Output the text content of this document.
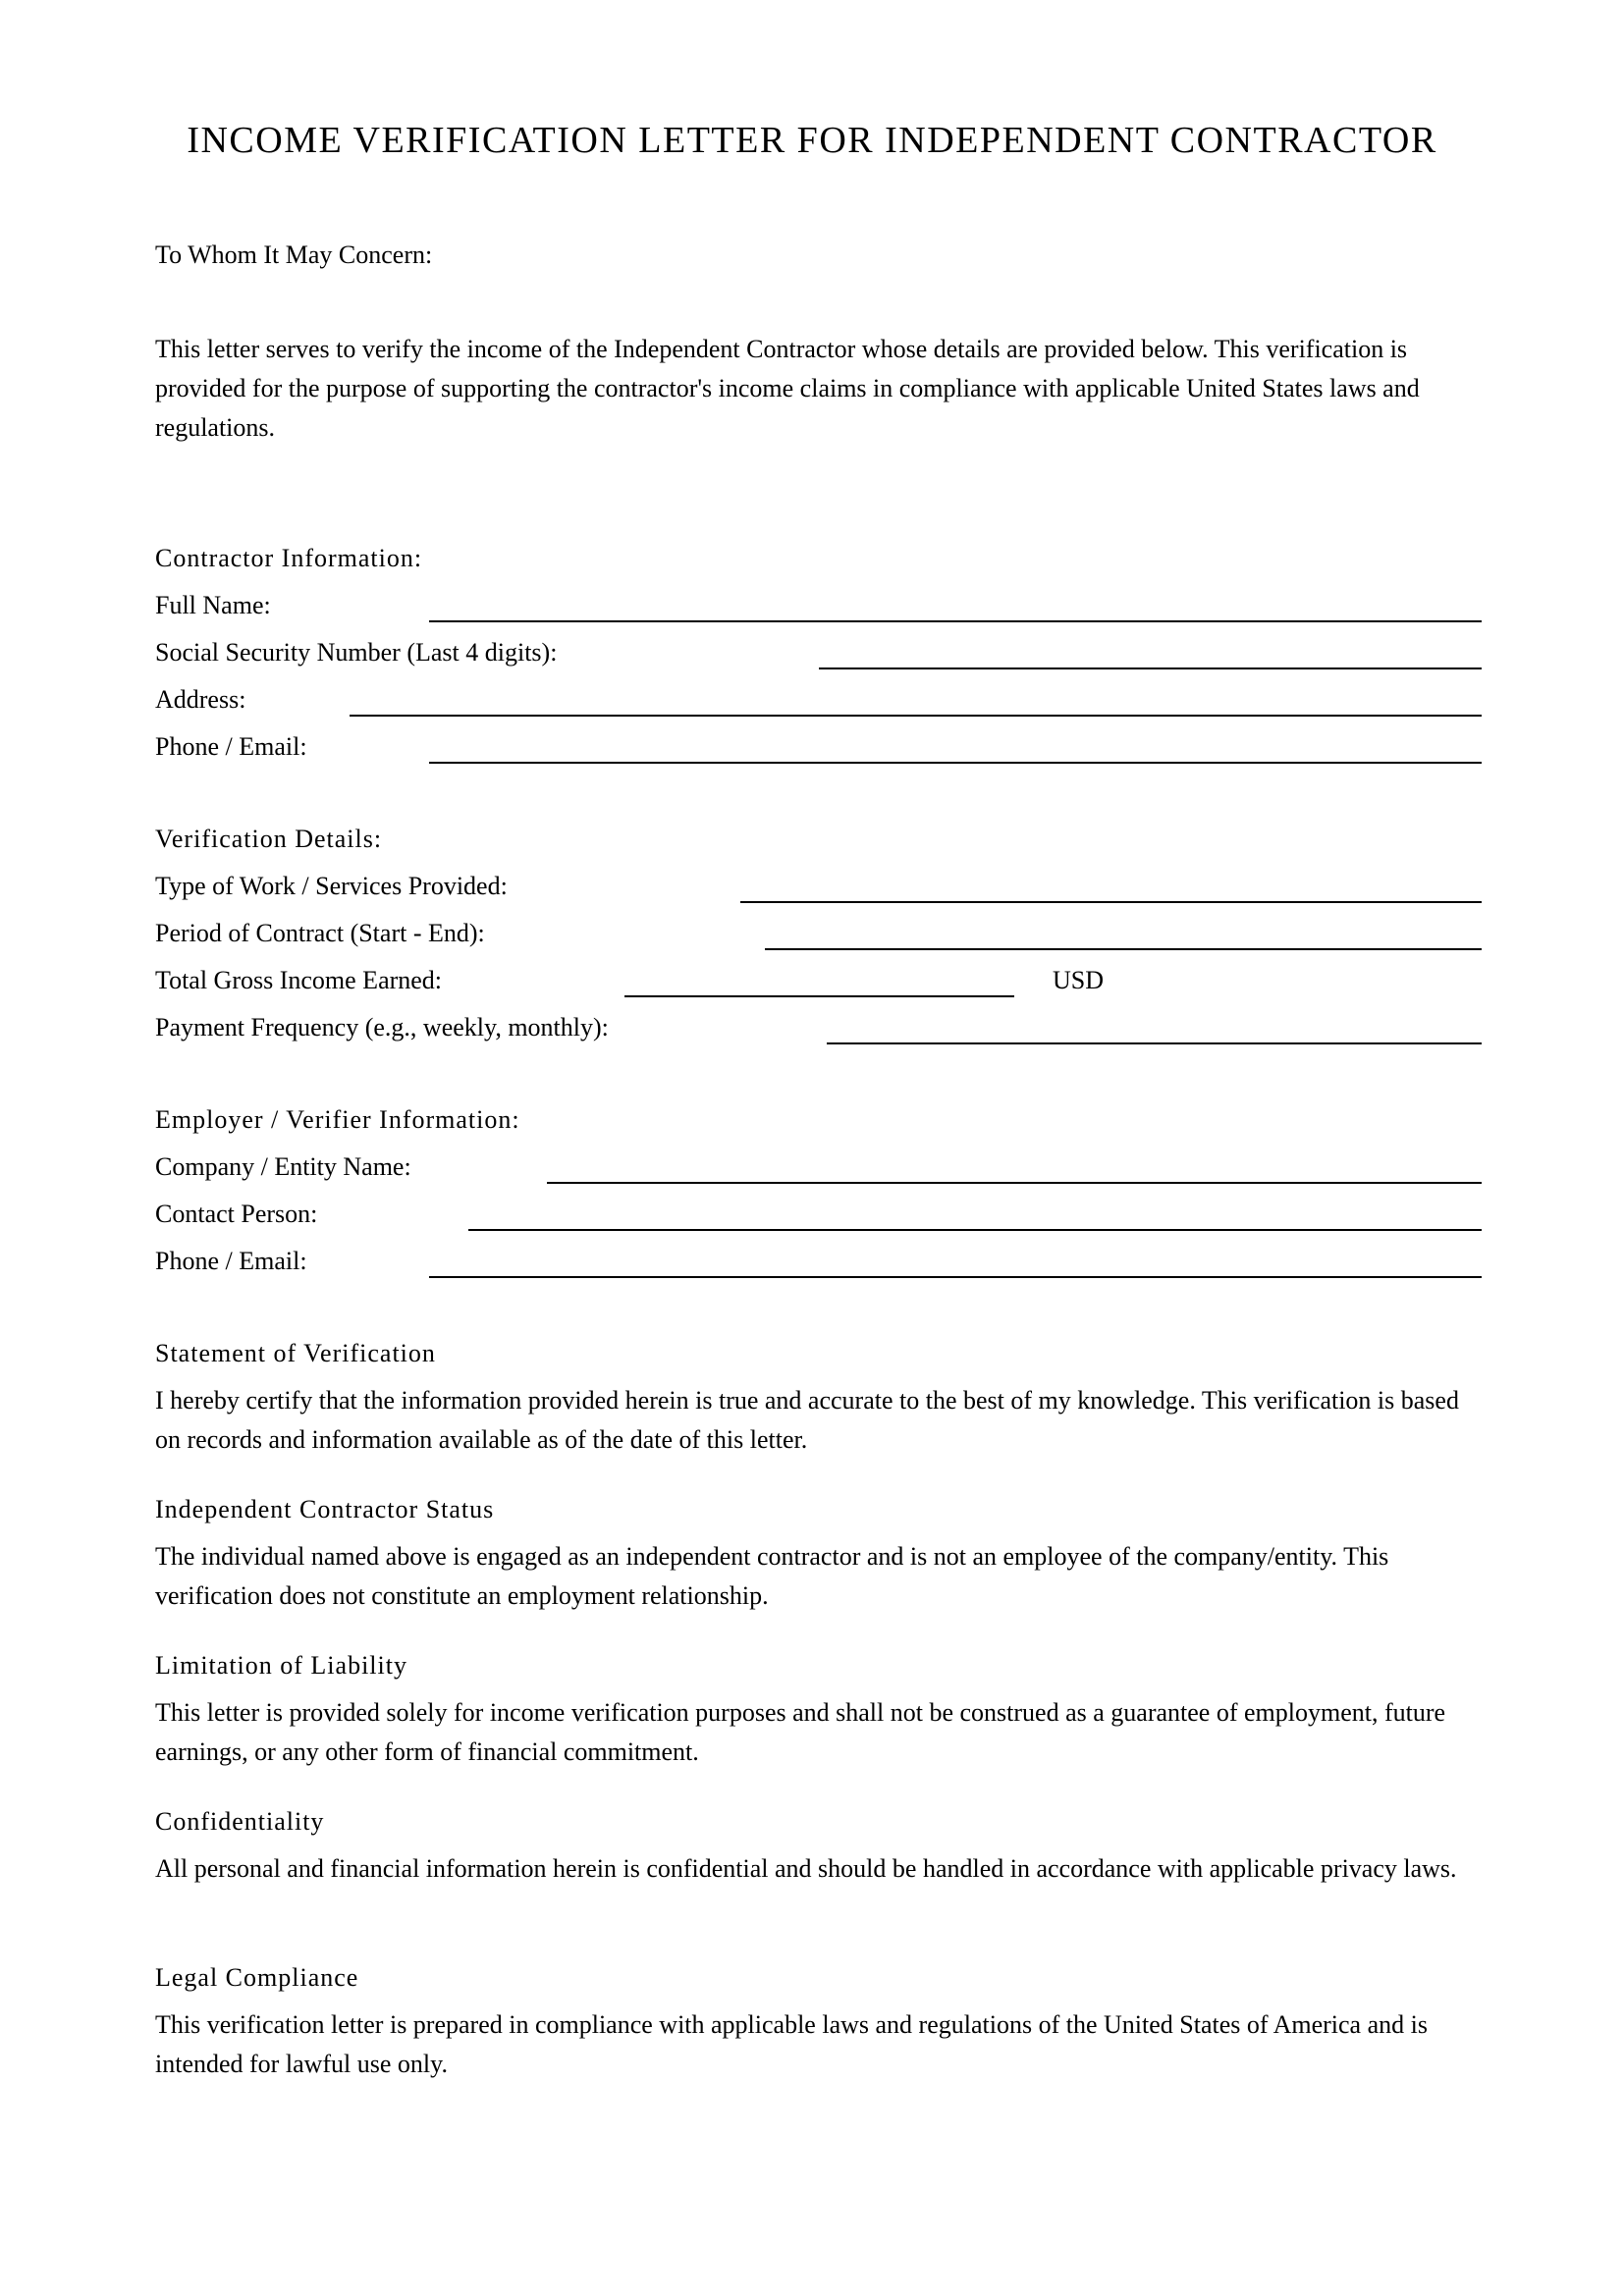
INCOME VERIFICATION LETTER FOR INDEPENDENT CONTRACTOR
To Whom It May Concern:
This letter serves to verify the income of the Independent Contractor whose details are provided below. This verification is provided for the purpose of supporting the contractor's income claims in compliance with applicable United States laws and regulations.
Contractor Information:
Full Name:
Social Security Number (Last 4 digits):
Address:
Phone / Email:
Verification Details:
Type of Work / Services Provided:
Period of Contract (Start - End):
Total Gross Income Earned:	USD
Payment Frequency (e.g., weekly, monthly):
Employer / Verifier Information:
Company / Entity Name:
Contact Person:
Phone / Email:
Statement of Verification
I hereby certify that the information provided herein is true and accurate to the best of my knowledge. This verification is based on records and information available as of the date of this letter.
Independent Contractor Status
The individual named above is engaged as an independent contractor and is not an employee of the company/entity. This verification does not constitute an employment relationship.
Limitation of Liability
This letter is provided solely for income verification purposes and shall not be construed as a guarantee of employment, future earnings, or any other form of financial commitment.
Confidentiality
All personal and financial information herein is confidential and should be handled in accordance with applicable privacy laws.
Legal Compliance
This verification letter is prepared in compliance with applicable laws and regulations of the United States of America and is intended for lawful use only.
